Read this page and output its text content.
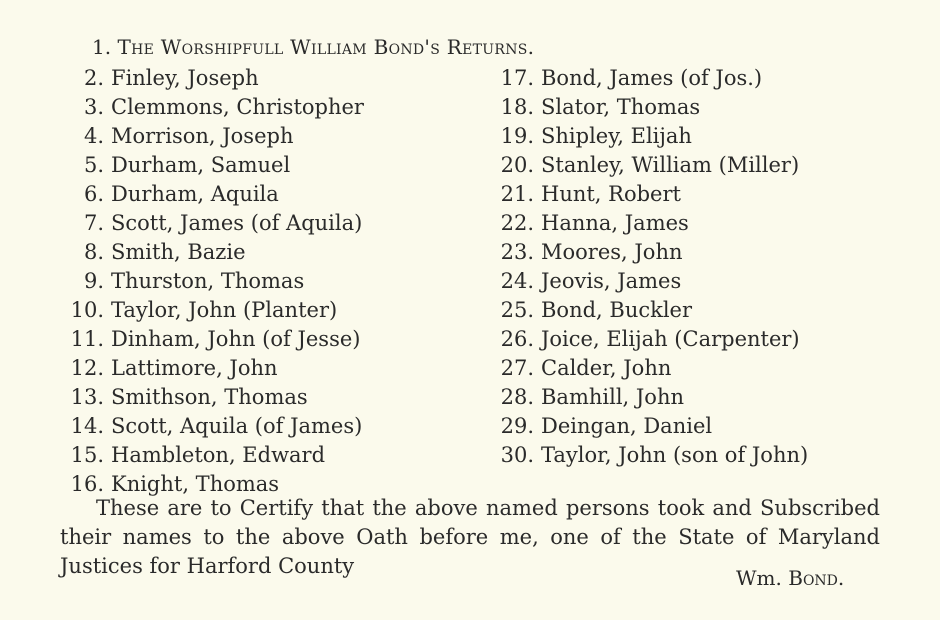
1. The Worshipfull William Bond's Returns.
2. Finley, Joseph
3. Clemmons, Christopher
4. Morrison, Joseph
5. Durham, Samuel
6. Durham, Aquila
7. Scott, James (of Aquila)
8. Smith, Bazie
9. Thurston, Thomas
10. Taylor, John (Planter)
11. Dinham, John (of Jesse)
12. Lattimore, John
13. Smithson, Thomas
14. Scott, Aquila (of James)
15. Hambleton, Edward
16. Knight, Thomas
17. Bond, James (of Jos.)
18. Slator, Thomas
19. Shipley, Elijah
20. Stanley, William (Miller)
21. Hunt, Robert
22. Hanna, James
23. Moores, John
24. Jeovis, James
25. Bond, Buckler
26. Joice, Elijah (Carpenter)
27. Calder, John
28. Bamhill, John
29. Deingan, Daniel
30. Taylor, John (son of John)

These are to Certify that the above named persons took and Subscribed their names to the above Oath before me, one of the State of Maryland Justices for Harford County	Wm. Bond.
